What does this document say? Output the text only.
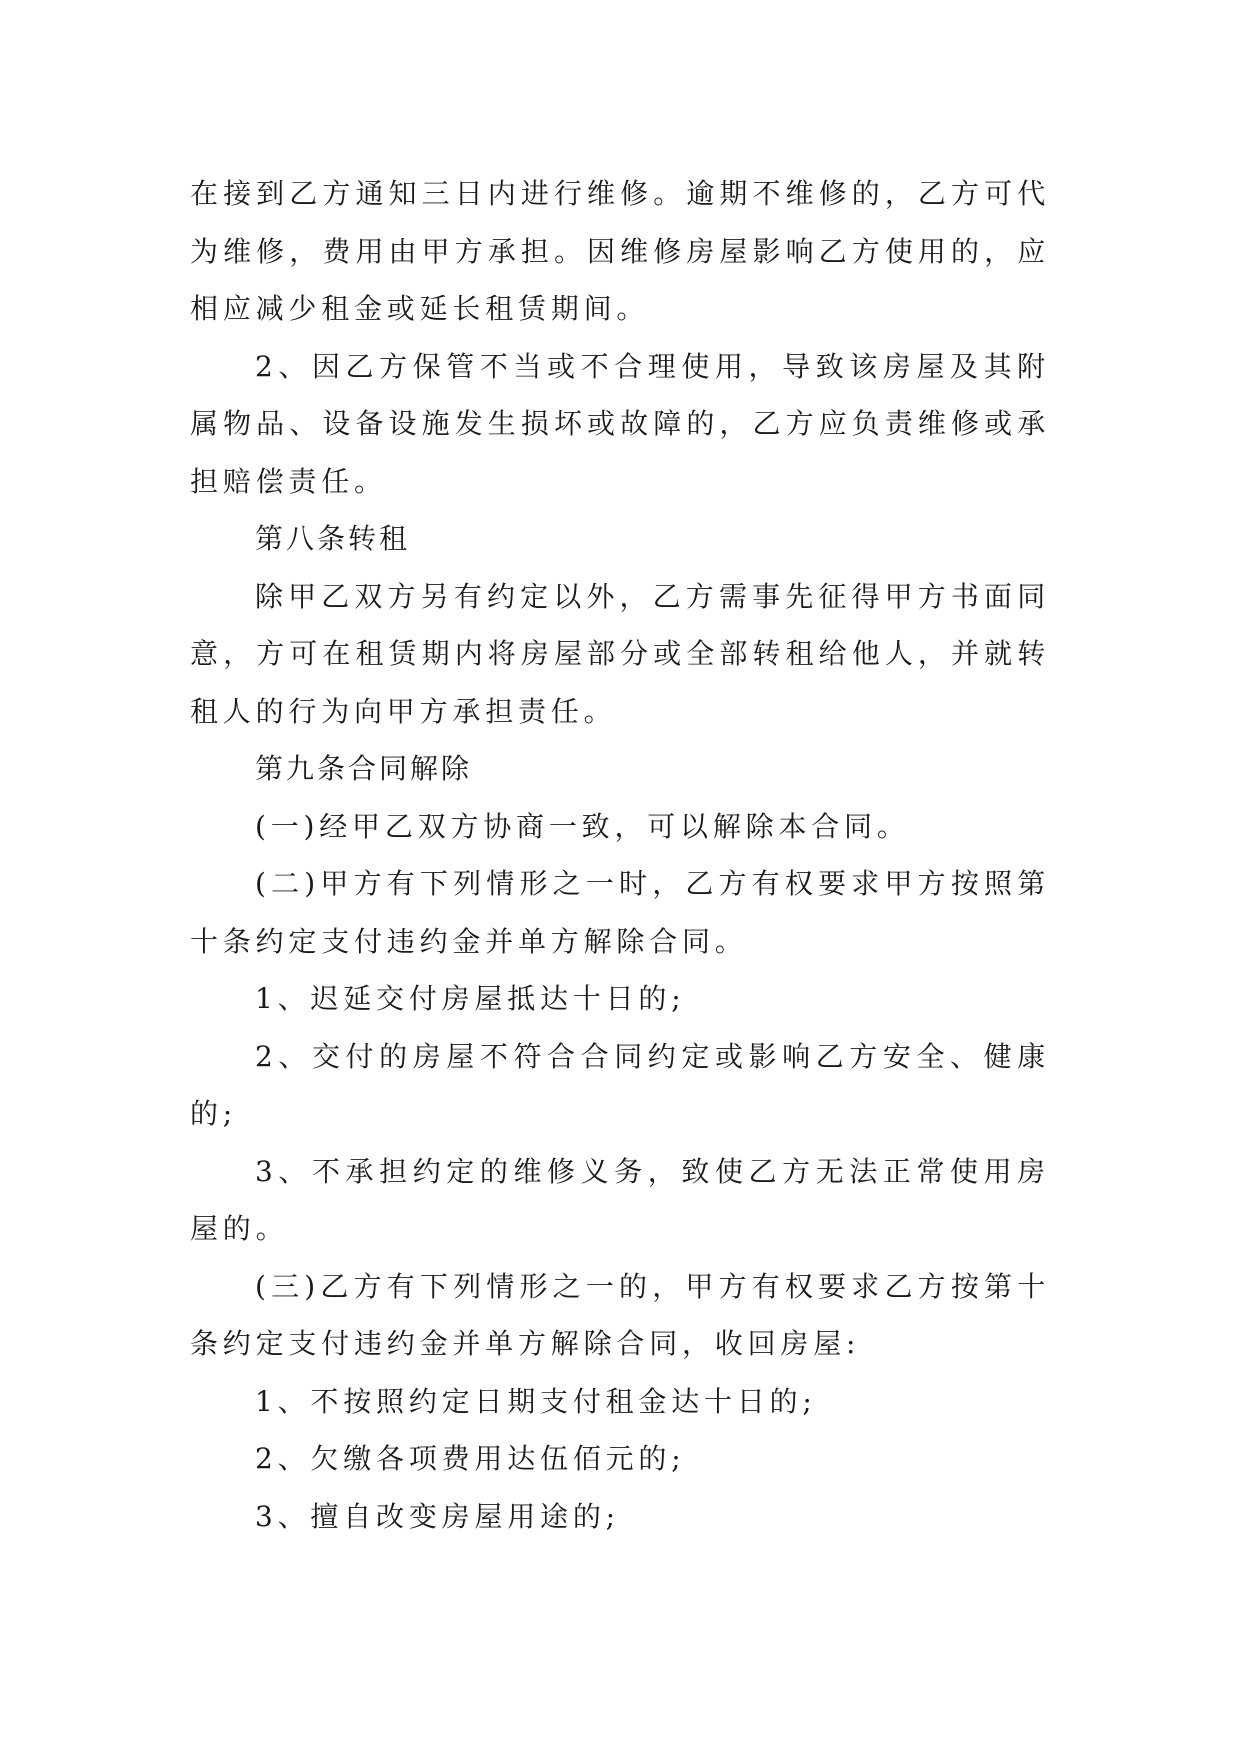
在接到乙方通知三日内进行维修。逾期不维修的，乙方可代为维修，费用由甲方承担。因维修房屋影响乙方使用的，应相应减少租金或延长租赁期间。

2、因乙方保管不当或不合理使用，导致该房屋及其附属物品、设备设施发生损坏或故障的，乙方应负责维修或承担赔偿责任。

第八条转租

除甲乙双方另有约定以外，乙方需事先征得甲方书面同意，方可在租赁期内将房屋部分或全部转租给他人，并就转租人的行为向甲方承担责任。

第九条合同解除

(一)经甲乙双方协商一致，可以解除本合同。

(二)甲方有下列情形之一时，乙方有权要求甲方按照第十条约定支付违约金并单方解除合同。

1、迟延交付房屋抵达十日的;

2、交付的房屋不符合合同约定或影响乙方安全、健康的;

3、不承担约定的维修义务，致使乙方无法正常使用房屋的。

(三)乙方有下列情形之一的，甲方有权要求乙方按第十条约定支付违约金并单方解除合同，收回房屋:

1、不按照约定日期支付租金达十日的;

2、欠缴各项费用达伍佰元的;

3、擅自改变房屋用途的;
